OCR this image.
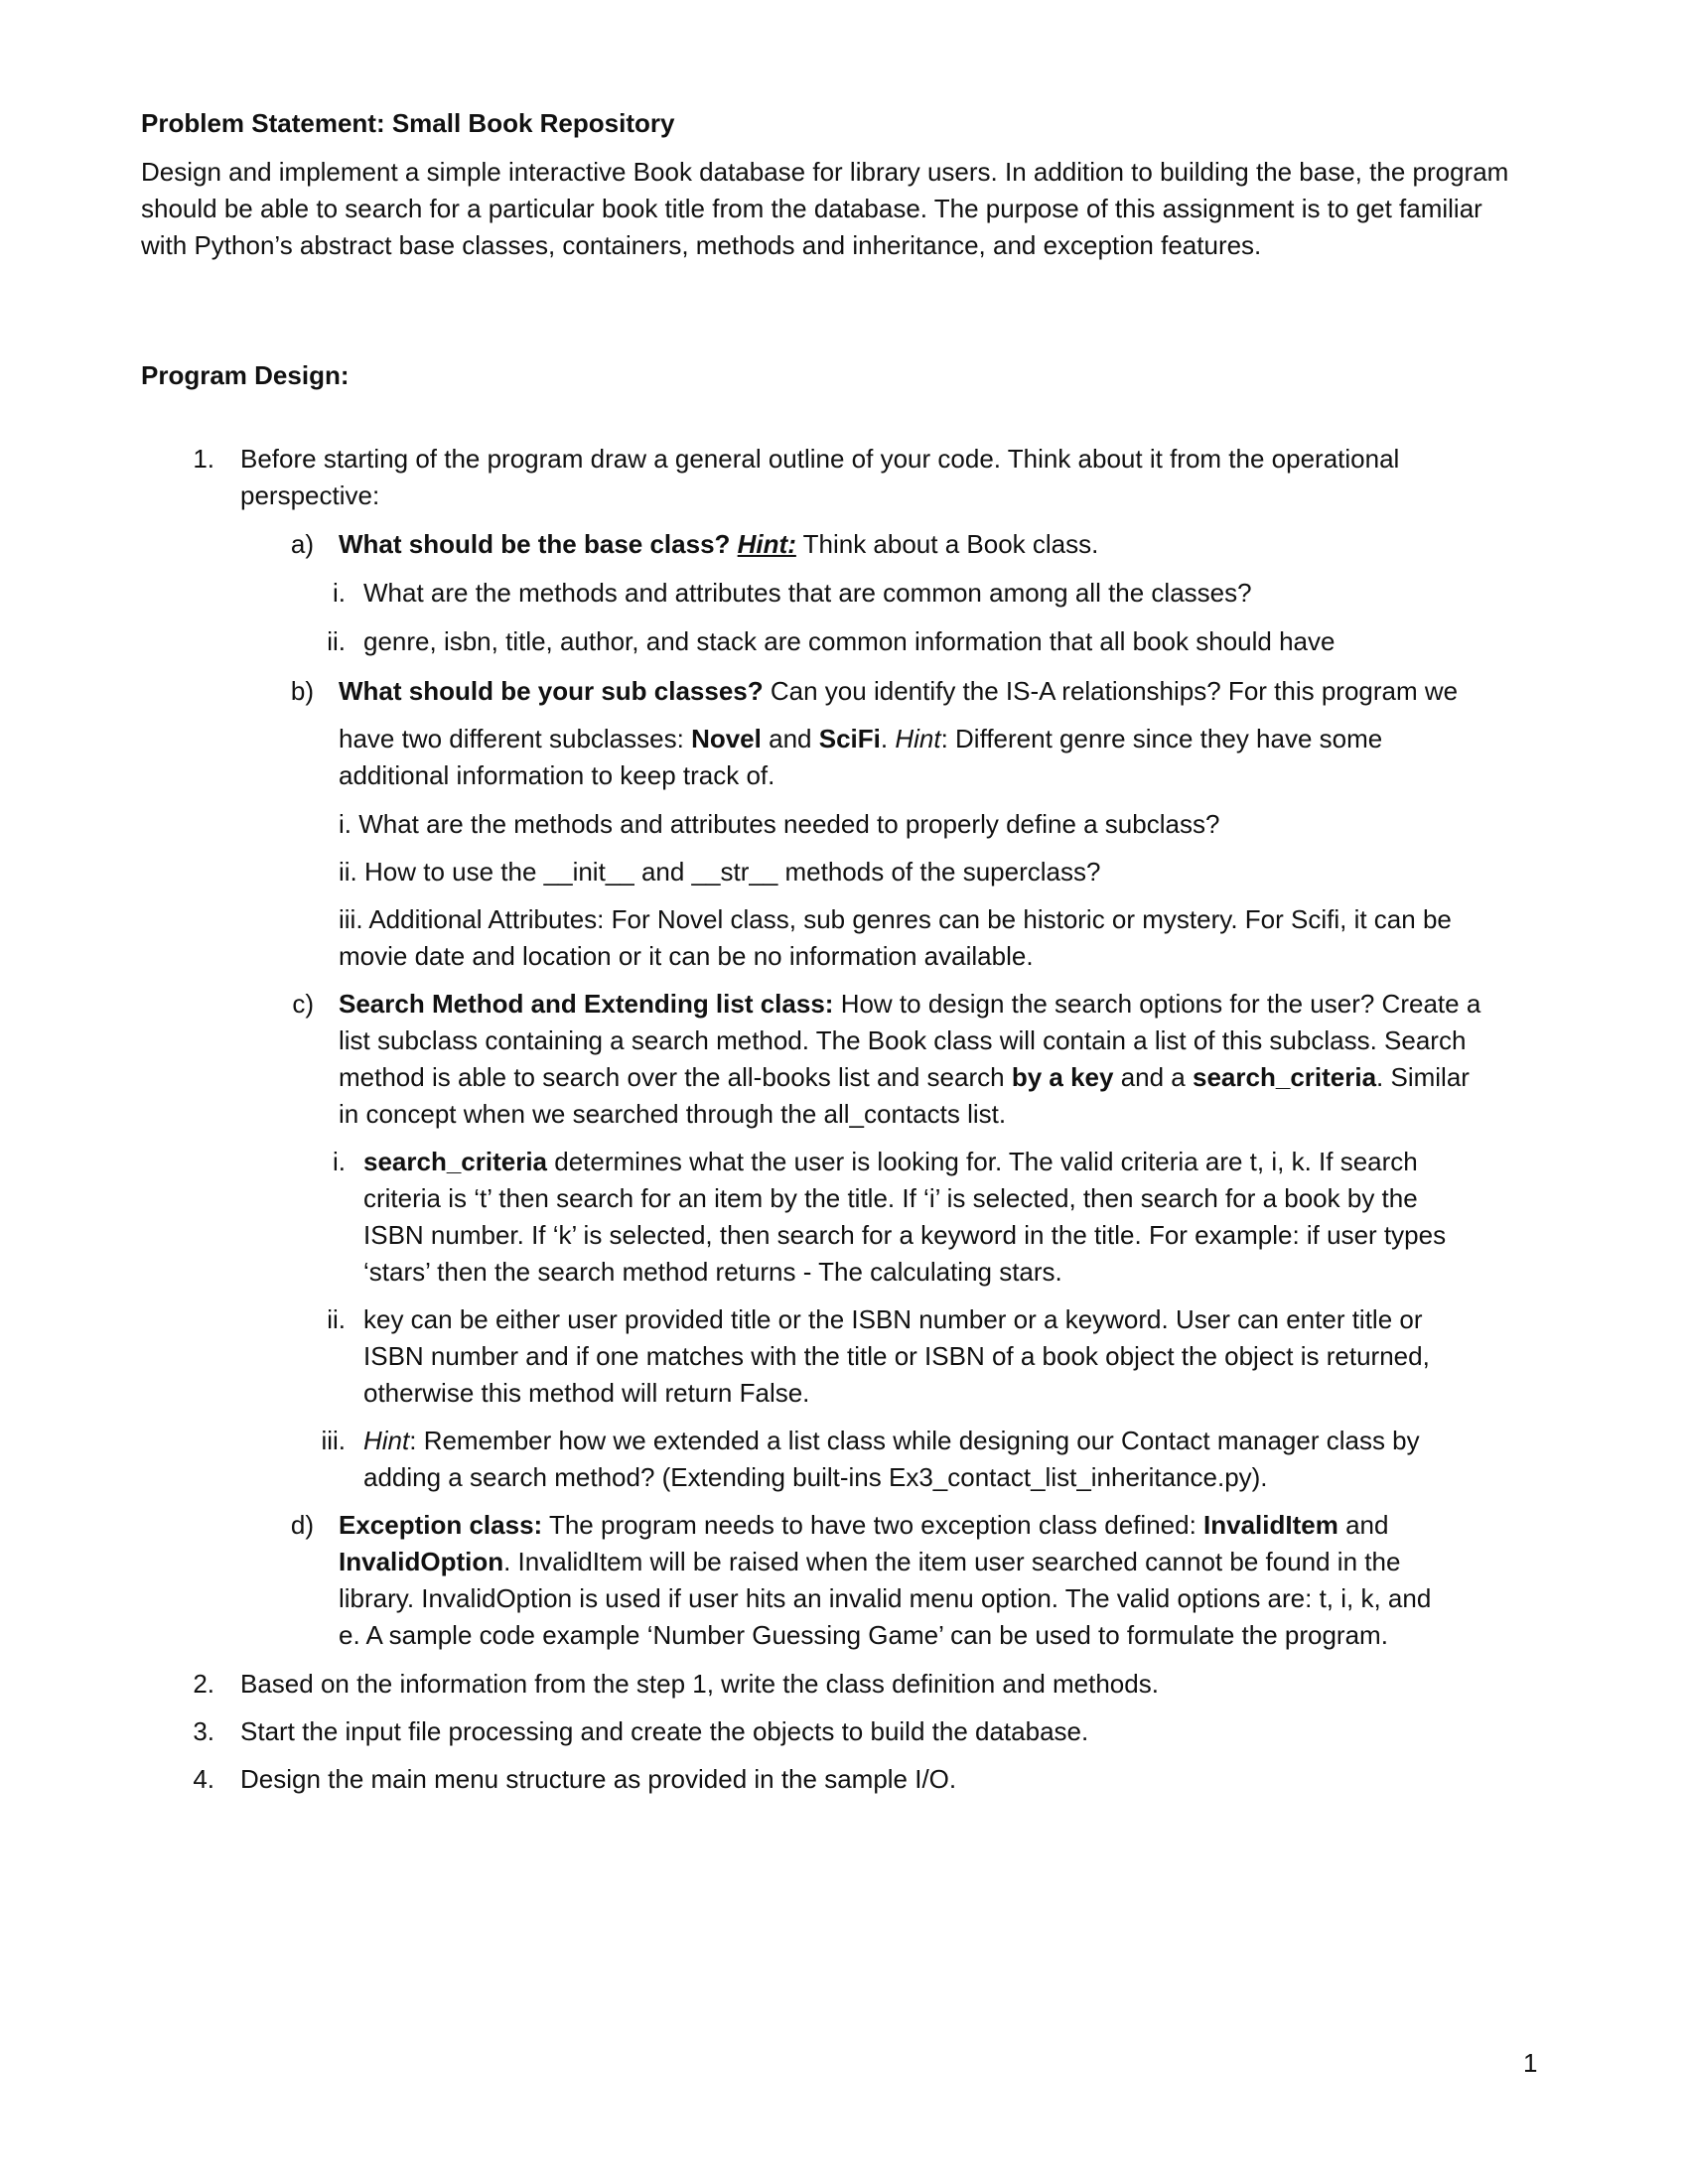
Problem Statement: Small Book Repository
Design and implement a simple interactive Book database for library users. In addition to building the base, the program should be able to search for a particular book title from the database. The purpose of this assignment is to get familiar with Python’s abstract base classes, containers, methods and inheritance, and exception features.
Program Design:
1. Before starting of the program draw a general outline of your code. Think about it from the operational perspective:
a) What should be the base class? Hint: Think about a Book class.
i. What are the methods and attributes that are common among all the classes?
ii. genre, isbn, title, author, and stack are common information that all book should have
b) What should be your sub classes? Can you identify the IS-A relationships? For this program we
have two different subclasses: Novel and SciFi. Hint: Different genre since they have some
additional information to keep track of.
i. What are the methods and attributes needed to properly define a subclass?
ii. How to use the __init__ and __str__ methods of the superclass?
iii. Additional Attributes: For Novel class, sub genres can be historic or mystery. For Scifi, it can be
movie date and location or it can be no information available.
c) Search Method and Extending list class: How to design the search options for the user? Create a
list subclass containing a search method. The Book class will contain a list of this subclass. Search
method is able to search over the all-books list and search by a key and a search_criteria. Similar
in concept when we searched through the all_contacts list.
i. search_criteria determines what the user is looking for. The valid criteria are t, i, k. If search
criteria is ‘t’ then search for an item by the title. If ‘i’ is selected, then search for a book by the
ISBN number. If ‘k’ is selected, then search for a keyword in the title. For example: if user types
‘stars’ then the search method returns - The calculating stars.
ii. key can be either user provided title or the ISBN number or a keyword. User can enter title or
ISBN number and if one matches with the title or ISBN of a book object the object is returned,
otherwise this method will return False.
iii. Hint: Remember how we extended a list class while designing our Contact manager class by
adding a search method? (Extending built-ins Ex3_contact_list_inheritance.py).
d) Exception class: The program needs to have two exception class defined: InvalidItem and
InvalidOption. InvalidItem will be raised when the item user searched cannot be found in the
library. InvalidOption is used if user hits an invalid menu option. The valid options are: t, i, k, and
e. A sample code example ‘Number Guessing Game’ can be used to formulate the program.
2. Based on the information from the step 1, write the class definition and methods.
3. Start the input file processing and create the objects to build the database.
4. Design the main menu structure as provided in the sample I/O.
1
